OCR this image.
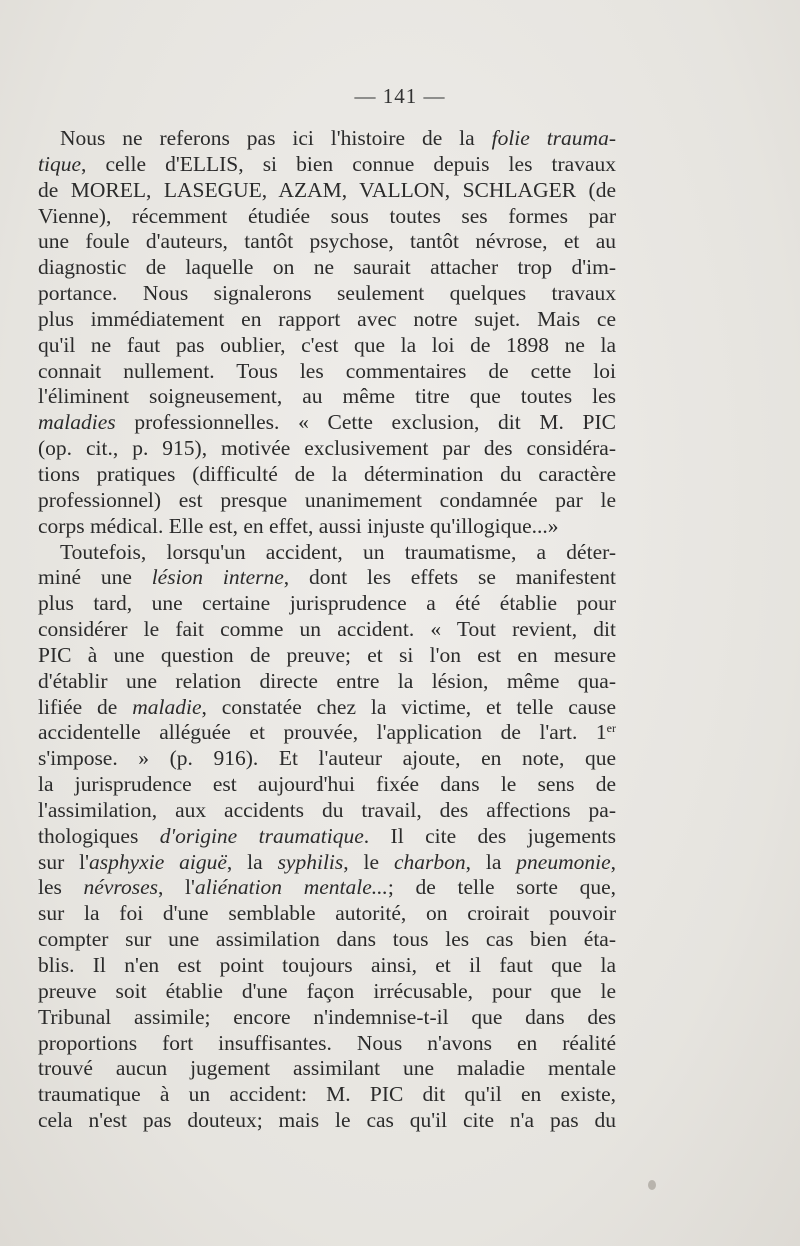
— 141 —
Nous ne referons pas ici l'histoire de la folie trauma-
tique, celle d'ELLIS, si bien connue depuis les travaux
de MOREL, LASEGUE, AZAM, VALLON, SCHLAGER (de
Vienne), récemment étudiée sous toutes ses formes par
une foule d'auteurs, tantôt psychose, tantôt névrose, et au
diagnostic de laquelle on ne saurait attacher trop d'im-
portance. Nous signalerons seulement quelques travaux
plus immédiatement en rapport avec notre sujet. Mais ce
qu'il ne faut pas oublier, c'est que la loi de 1898 ne la
connait nullement. Tous les commentaires de cette loi
l'éliminent soigneusement, au même titre que toutes les
maladies professionnelles. « Cette exclusion, dit M. PIC
(op. cit., p. 915), motivée exclusivement par des considéra-
tions pratiques (difficulté de la détermination du caractère
professionnel) est presque unanimement condamnée par le
corps médical. Elle est, en effet, aussi injuste qu'illogique...»
Toutefois, lorsqu'un accident, un traumatisme, a déter-
miné une lésion interne, dont les effets se manifestent
plus tard, une certaine jurisprudence a été établie pour
considérer le fait comme un accident. « Tout revient, dit
PIC à une question de preuve; et si l'on est en mesure
d'établir une relation directe entre la lésion, même qua-
lifiée de maladie, constatée chez la victime, et telle cause
accidentelle alléguée et prouvée, l'application de l'art. 1er
s'impose. » (p. 916). Et l'auteur ajoute, en note, que
la jurisprudence est aujourd'hui fixée dans le sens de
l'assimilation, aux accidents du travail, des affections pa-
thologiques d'origine traumatique. Il cite des jugements
sur l'asphyxie aiguë, la syphilis, le charbon, la pneumonie,
les névroses, l'aliénation mentale...; de telle sorte que,
sur la foi d'une semblable autorité, on croirait pouvoir
compter sur une assimilation dans tous les cas bien éta-
blis. Il n'en est point toujours ainsi, et il faut que la
preuve soit établie d'une façon irrécusable, pour que le
Tribunal assimile; encore n'indemnise-t-il que dans des
proportions fort insuffisantes. Nous n'avons en réalité
trouvé aucun jugement assimilant une maladie mentale
traumatique à un accident: M. PIC dit qu'il en existe,
cela n'est pas douteux; mais le cas qu'il cite n'a pas du
